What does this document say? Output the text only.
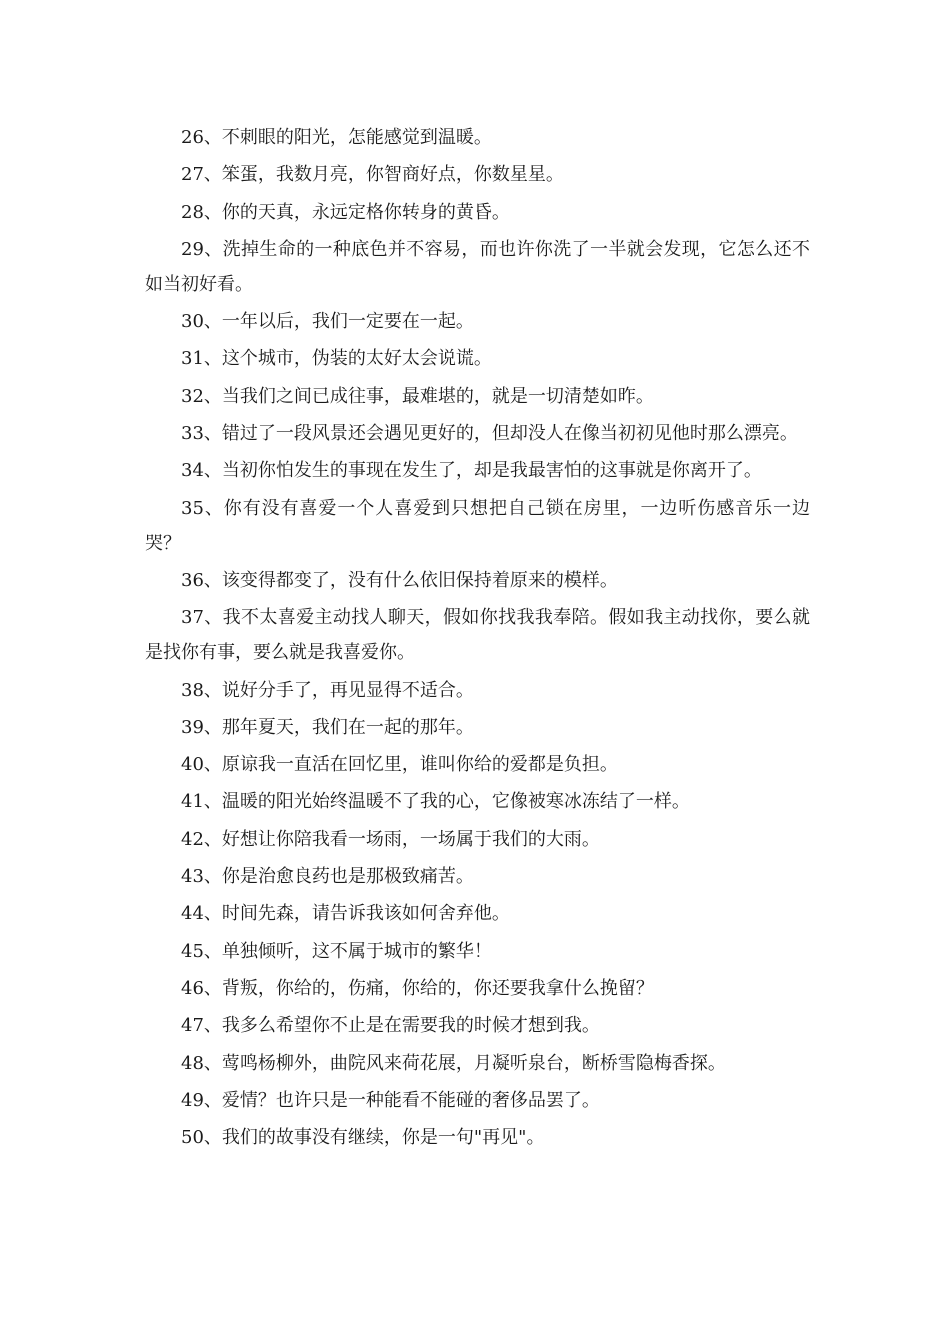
26、不刺眼的阳光，怎能感觉到温暖。

27、笨蛋，我数月亮，你智商好点，你数星星。

28、你的天真，永远定格你转身的黄昏。

29、洗掉生命的一种底色并不容易，而也许你洗了一半就会发现，它怎么还不如当初好看。

30、一年以后，我们一定要在一起。

31、这个城市，伪装的太好太会说谎。

32、当我们之间已成往事，最难堪的，就是一切清楚如昨。

33、错过了一段风景还会遇见更好的，但却没人在像当初初见他时那么漂亮。

34、当初你怕发生的事现在发生了，却是我最害怕的这事就是你离开了。

35、你有没有喜爱一个人喜爱到只想把自己锁在房里，一边听伤感音乐一边哭？

36、该变得都变了，没有什么依旧保持着原来的模样。

37、我不太喜爱主动找人聊天，假如你找我我奉陪。假如我主动找你，要么就是找你有事，要么就是我喜爱你。

38、说好分手了，再见显得不适合。

39、那年夏天，我们在一起的那年。

40、原谅我一直活在回忆里，谁叫你给的爱都是负担。

41、温暖的阳光始终温暖不了我的心，它像被寒冰冻结了一样。

42、好想让你陪我看一场雨，一场属于我们的大雨。

43、你是治愈良药也是那极致痛苦。

44、时间先森，请告诉我该如何舍弃他。

45、单独倾听，这不属于城市的繁华！

46、背叛，你给的，伤痛，你给的，你还要我拿什么挽留？

47、我多么希望你不止是在需要我的时候才想到我。

48、莺鸣杨柳外，曲院风来荷花展，月凝听泉台，断桥雪隐梅香探。

49、爱情？也许只是一种能看不能碰的奢侈品罢了。

50、我们的故事没有继续，你是一句"再见"。
